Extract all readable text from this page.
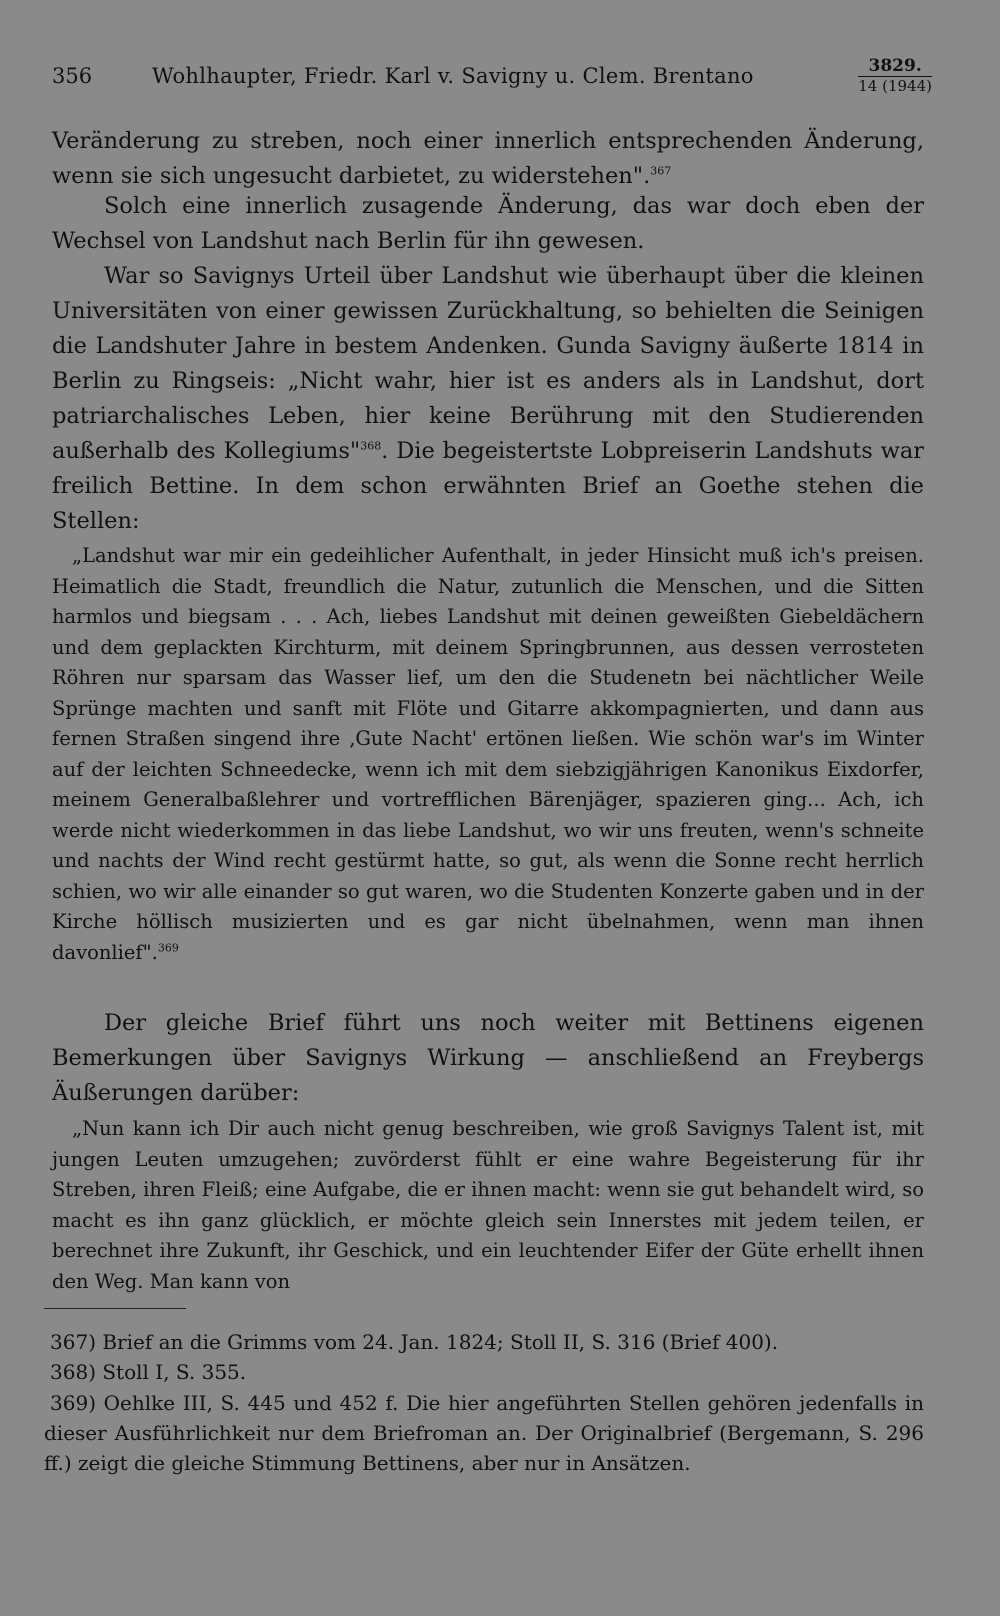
356	Wohlhaupter, Friedr. Karl v. Savigny u. Clem. Brentano	3829.
14 (1944)

Veränderung zu streben, noch einer innerlich entsprechenden Änderung, wenn sie sich ungesucht darbietet, zu widerstehen".$^{367}$

Solch eine innerlich zusagende Änderung, das war doch eben der Wechsel von Landshut nach Berlin für ihn gewesen.

War so Savignys Urteil über Landshut wie überhaupt über die kleinen Universitäten von einer gewissen Zurückhaltung, so behielten die Seinigen die Landshuter Jahre in bestem Andenken. Gunda Savigny äußerte 1814 in Berlin zu Ringseis: „Nicht wahr, hier ist es anders als in Landshut, dort patriarchalisches Leben, hier keine Berührung mit den Studierenden außerhalb des Kollegiums"$^{368}$. Die begeistertste Lobpreiserin Landshuts war freilich Bettine. In dem schon erwähnten Brief an Goethe stehen die Stellen:

„Landshut war mir ein gedeihlicher Aufenthalt, in jeder Hinsicht muß ich's preisen. Heimatlich die Stadt, freundlich die Natur, zutunlich die Menschen, und die Sitten harmlos und biegsam . . . Ach, liebes Landshut mit deinen geweißten Giebeldächern und dem geplackten Kirchturm, mit deinem Springbrunnen, aus dessen verrosteten Röhren nur sparsam das Wasser lief, um den die Studenetn bei nächtlicher Weile Sprünge machten und sanft mit Flöte und Gitarre akkompagnierten, und dann aus fernen Straßen singend ihre ‚Gute Nacht' ertönen ließen. Wie schön war's im Winter auf der leichten Schneedecke, wenn ich mit dem siebzigjährigen Kanonikus Eixdorfer, meinem Generalbaßlehrer und vortrefflichen Bärenjäger, spazieren ging... Ach, ich werde nicht wiederkommen in das liebe Landshut, wo wir uns freuten, wenn's schneite und nachts der Wind recht gestürmt hatte, so gut, als wenn die Sonne recht herrlich schien, wo wir alle einander so gut waren, wo die Studenten Konzerte gaben und in der Kirche höllisch musizierten und es gar nicht übelnahmen, wenn man ihnen davonlief".$^{369}$

Der gleiche Brief führt uns noch weiter mit Bettinens eigenen Bemerkungen über Savignys Wirkung — anschließend an Freybergs Äußerungen darüber:

„Nun kann ich Dir auch nicht genug beschreiben, wie groß Savignys Talent ist, mit jungen Leuten umzugehen; zuvörderst fühlt er eine wahre Begeisterung für ihr Streben, ihren Fleiß; eine Aufgabe, die er ihnen macht: wenn sie gut behandelt wird, so macht es ihn ganz glücklich, er möchte gleich sein Innerstes mit jedem teilen, er berechnet ihre Zukunft, ihr Geschick, und ein leuchtender Eifer der Güte erhellt ihnen den Weg. Man kann von

367) Brief an die Grimms vom 24. Jan. 1824; Stoll II, S. 316 (Brief 400).

368) Stoll I, S. 355.

369) Oehlke III, S. 445 und 452 f. Die hier angeführten Stellen gehören jedenfalls in dieser Ausführlichkeit nur dem Briefroman an. Der Originalbrief (Bergemann, S. 296 ff.) zeigt die gleiche Stimmung Bettinens, aber nur in Ansätzen.
